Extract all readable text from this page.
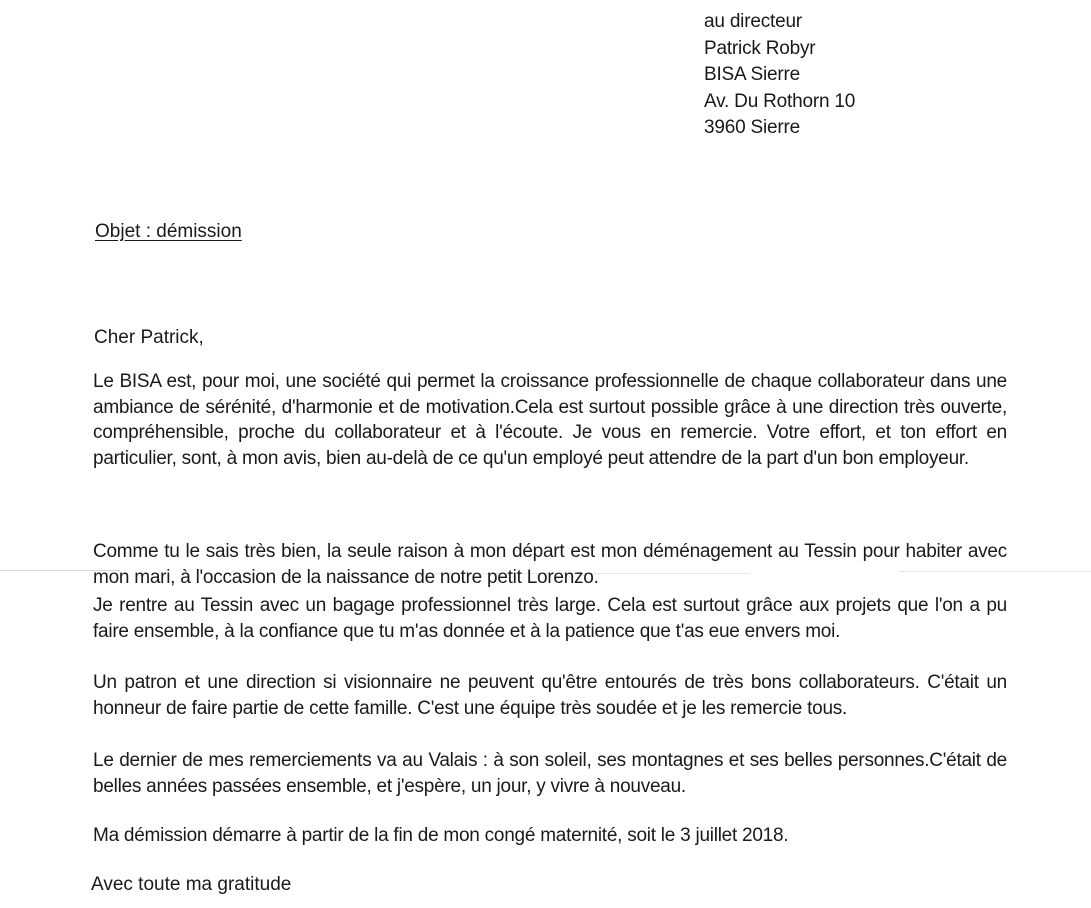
au directeur
Patrick Robyr
BISA Sierre
Av. Du Rothorn 10
3960 Sierre
Objet : démission
Cher Patrick,

Le BISA est, pour moi, une société qui permet la croissance professionnelle de chaque collaborateur dans une ambiance de sérénité, d'harmonie et de motivation.Cela est surtout possible grâce à une direction très ouverte, compréhensible, proche du collaborateur et à l'écoute. Je vous en remercie. Votre effort, et ton effort en particulier, sont, à mon avis, bien au-delà de ce qu'un employé peut attendre de la part d'un bon employeur.

Comme tu le sais très bien, la seule raison à mon départ est mon déménagement au Tessin pour habiter avec mon mari, à l'occasion de la naissance de notre petit Lorenzo.

Je rentre au Tessin avec un bagage professionnel très large. Cela est surtout grâce aux projets que l'on a pu faire ensemble, à la confiance que tu m'as donnée et à la patience que t'as eue envers moi.

Un patron et une direction si visionnaire ne peuvent qu'être entourés de très bons collaborateurs. C'était un honneur de faire partie de cette famille. C'est une équipe très soudée et je les remercie tous.

Le dernier de mes remerciements va au Valais : à son soleil, ses montagnes et ses belles personnes.C'était de belles années passées ensemble, et j'espère, un jour, y vivre à nouveau.

Ma démission démarre à partir de la fin de mon congé maternité, soit le 3 juillet 2018.

Avec toute ma gratitude
